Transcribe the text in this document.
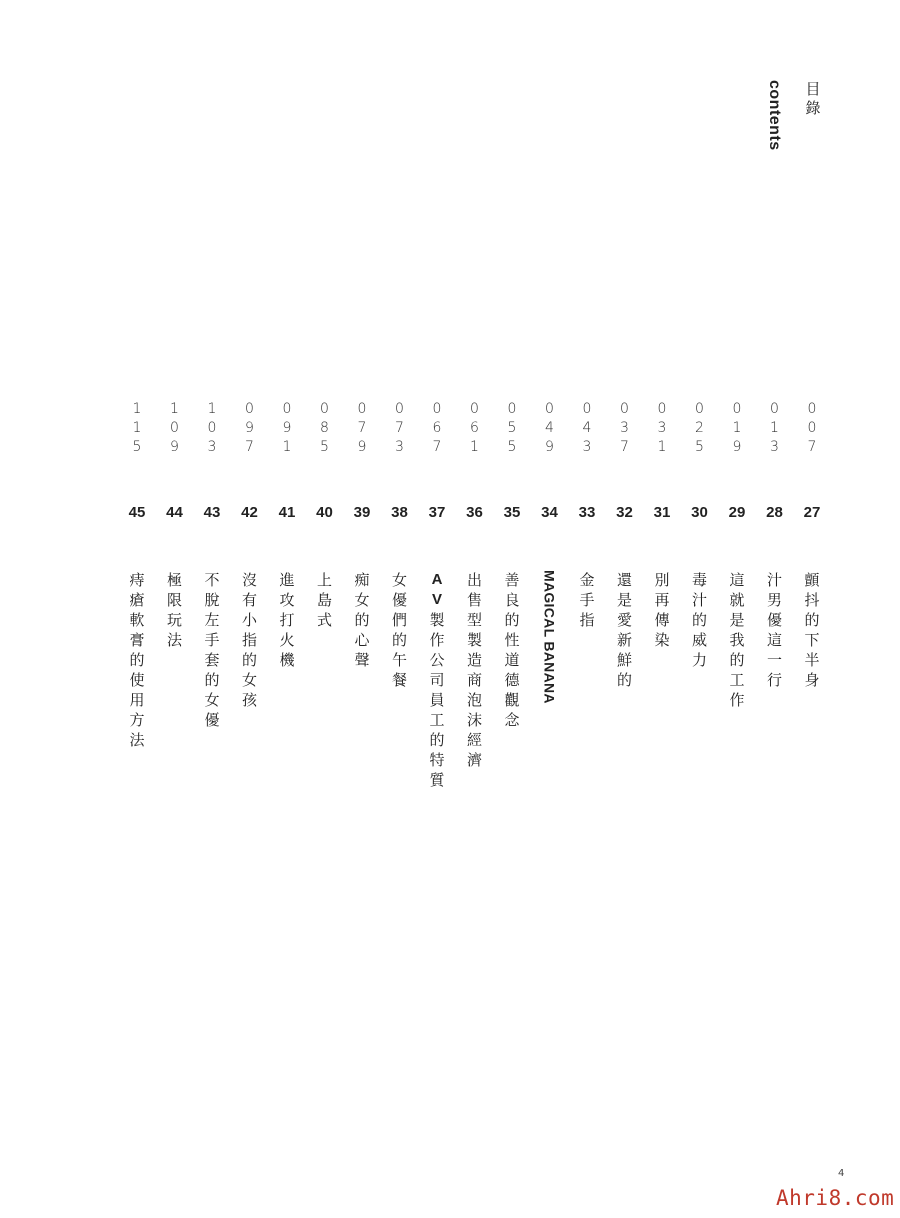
目
錄
contents
0
0
7
27
顫
抖
的
下
半
身
0
1
3
28
汁
男
優
這
一
行
0
1
9
29
這
就
是
我
的
工
作
0
2
5
30
毒
汁
的
威
力
0
3
1
31
別
再
傳
染
0
3
7
32
還
是
愛
新
鮮
的
0
4
3
33
金
手
指
0
4
9
34
MAGICAL BANANA
0
5
5
35
善
良
的
性
道
德
觀
念
0
6
1
36
出
售
型
製
造
商
泡
沫
經
濟
0
6
7
37
A
V
製
作
公
司
員
工
的
特
質
0
7
3
38
女
優
們
的
午
餐
0
7
9
39
痴
女
的
心
聲
0
8
5
40
上
島
式
0
9
1
41
進
攻
打
火
機
0
9
7
42
沒
有
小
指
的
女
孩
1
0
3
43
不
脫
左
手
套
的
女
優
1
0
9
44
極
限
玩
法
1
1
5
45
痔
瘡
軟
膏
的
使
用
方
法
4
Ahri8.com
